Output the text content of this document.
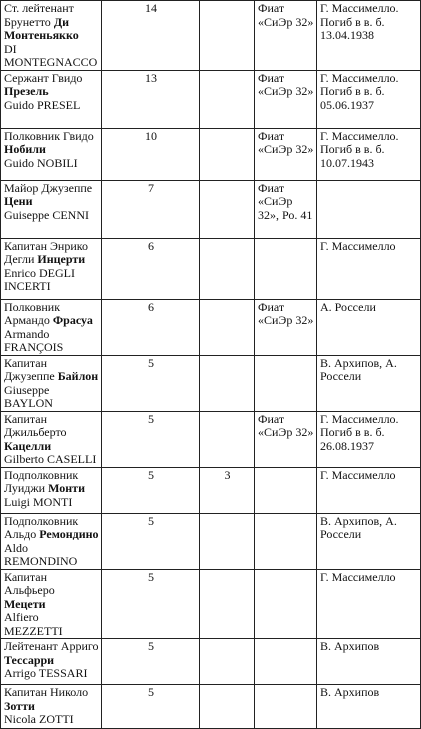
Ст. лейтенант Брунетто Ди Монтеньякко
DI MONTEGNACCO	14		Фиат «СиЭр 32»	Г. Массимелло. Погиб в в. б. 13.04.1938
Сержант Гвидо Презель
Guido PRESEL	13		Фиат «СиЭр 32»	Г. Массимелло. Погиб в в. б. 05.06.1937
Полковник Гвидо Нобили
Guido NOBILI	10		Фиат «СиЭр 32»	Г. Массимелло. Погиб в в. б. 10.07.1943
Майор Джузеппе Цени
Guiseppe CENNI	7		Фиат «СиЭр 32», Ро. 41	
Капитан Энрико Дегли Инцерти
Enrico DEGLI INCERTI	6			Г. Массимелло
Полковник Армандо Фрасуа
Armando FRANÇOIS	6		Фиат «СиЭр 32»	А. Россели
Капитан Джузеппе Байлон
Giuseppe BAYLON	5			В. Архипов, А. Россели
Капитан Джильберто Кацелли
Gilberto CASELLI	5		Фиат «СиЭр 32»	Г. Массимелло. Погиб в в. б. 26.08.1937
Подполковник Луиджи Монти
Luigi MONTI	5	3		Г. Массимелло
Подполковник Альдо Ремондино
Aldo REMONDINO	5			В. Архипов, А. Россели
Капитан Альфьеро Мецети
Alfiero MEZZETTI	5			Г. Массимелло
Лейтенант Арриго Тессарри
Arrigo TESSARI	5			В. Архипов
Капитан Николо Зотти
Nicola ZOTTI	5			В. Архипов
